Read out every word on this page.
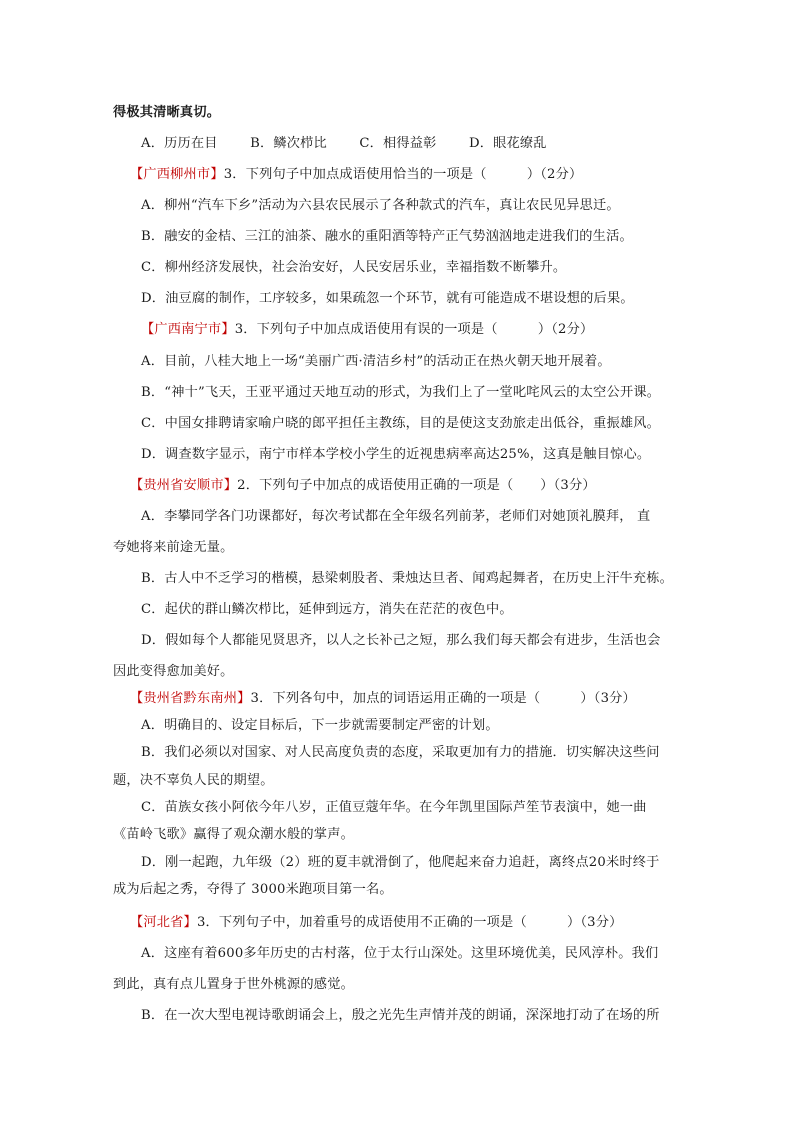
得极其清晰真切。
A．历历在目 B．鳞次栉比 C．相得益彰 D．眼花缭乱
【广西柳州市】3．下列句子中加点成语使用恰当的一项是（　　　）（2分）
A．柳州“汽车下乡”活动为六县农民展示了各种款式的汽车，真让农民见异思迁。
B．融安的金桔、三江的油茶、融水的重阳酒等特产正气势汹汹地走进我们的生活。
C．柳州经济发展快，社会治安好，人民安居乐业，幸福指数不断攀升。
D．油豆腐的制作，工序较多，如果疏忽一个环节，就有可能造成不堪设想的后果。
【广西南宁市】3．下列句子中加点成语使用有误的一项是（　　　）（2分）
A．目前，八桂大地上一场“美丽广西·清洁乡村”的活动正在热火朝天地开展着。
B．“神十”飞天，王亚平通过天地互动的形式，为我们上了一堂叱咤风云的太空公开课。
C．中国女排聘请家喻户晓的郎平担任主教练，目的是使这支劲旅走出低谷，重振雄风。
D．调查数字显示，南宁市样本学校小学生的近视患病率高达25%，这真是触目惊心。
【贵州省安顺市】2．下列句子中加点的成语使用正确的一项是（　　）（3分）
A．李攀同学各门功课都好，每次考试都在全年级名列前茅，老师们对她顶礼膜拜， 直
夸她将来前途无量。
B．古人中不乏学习的楷模，悬梁刺股者、秉烛达旦者、闻鸡起舞者，在历史上汗牛充栋。
C．起伏的群山鳞次栉比，延伸到远方，消失在茫茫的夜色中。
D．假如每个人都能见贤思齐，以人之长补己之短，那么我们每天都会有进步，生活也会
因此变得愈加美好。
【贵州省黔东南州】3．下列各句中，加点的词语运用正确的一项是（　　　）（3分）
A．明确目的、设定目标后，下一步就需要制定严密的计划。
B．我们必须以对国家、对人民高度负责的态度，采取更加有力的措施．切实解决这些问
题，决不辜负人民的期望。
C．苗族女孩小阿依今年八岁，正值豆蔻年华。在今年凯里国际芦笙节表演中，她一曲
《苗岭飞歌》赢得了观众潮水般的掌声。
D．刚一起跑，九年级（2）班的夏丰就滑倒了，他爬起来奋力追赶，离终点20米时终于
成为后起之秀，夺得了 3000米跑项目第一名。
【河北省】3．下列句子中，加着重号的成语使用不正确的一项是（　　　）（3分）
A．这座有着600多年历史的古村落，位于太行山深处。这里环境优美，民风淳朴。我们
到此，真有点儿置身于世外桃源的感觉。
B．在一次大型电视诗歌朗诵会上，殷之光先生声情并茂的朗诵，深深地打动了在场的所
